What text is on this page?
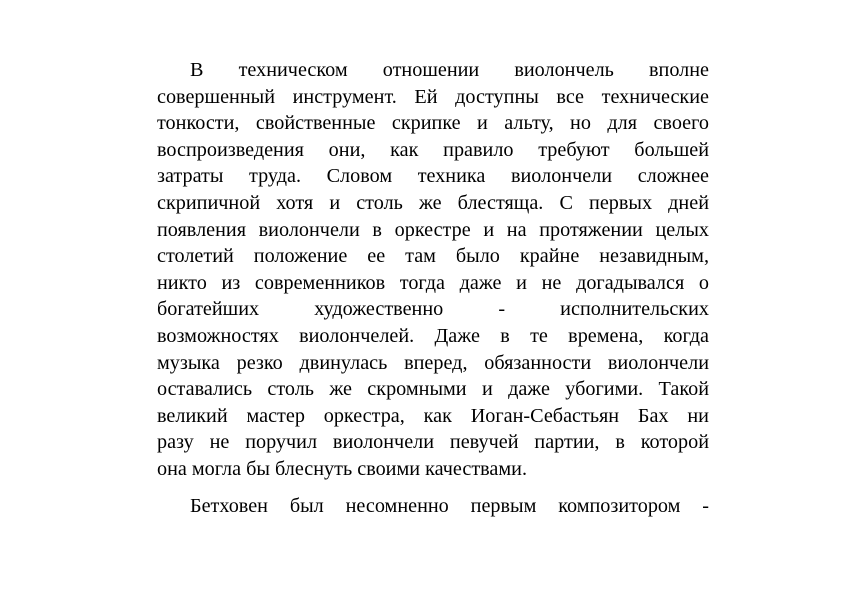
В техническом отношении виолончель вполне
совершенный инструмент. Ей доступны все технические
тонкости, свойственные скрипке и альту, но для своего
воспроизведения они, как правило требуют большей
затраты труда. Словом техника виолончели сложнее
скрипичной хотя и столь же блестяща. С первых дней
появления виолончели в оркестре и на протяжении целых
столетий положение ее там было крайне незавидным,
никто из современников тогда даже и не догадывался о
богатейших художественно - исполнительских
возможностях виолончелей. Даже в те времена, когда
музыка резко двинулась вперед, обязанности виолончели
оставались столь же скромными и даже убогими. Такой
великий мастер оркестра, как Иоган-Себастьян Бах ни
разу не поручил виолончели певучей партии, в которой
она могла бы блеснуть своими качествами.

Бетховен был несомненно первым композитором -
